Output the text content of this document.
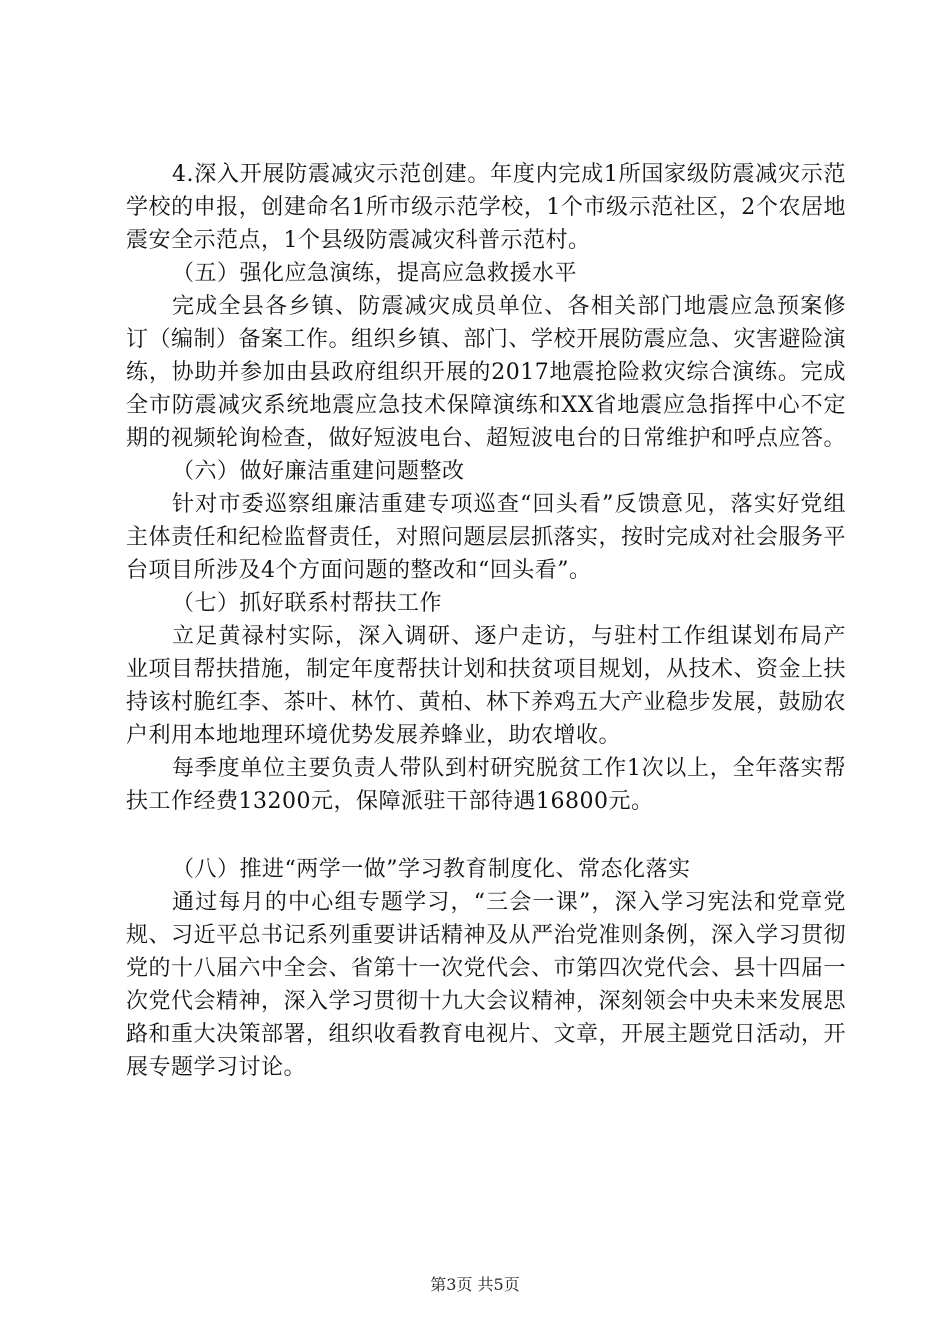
4.深入开展防震减灾示范创建。年度内完成1所国家级防震减灾示范学校的申报，创建命名1所市级示范学校，1个市级示范社区，2个农居地震安全示范点，1个县级防震减灾科普示范村。

（五）强化应急演练，提高应急救援水平

完成全县各乡镇、防震减灾成员单位、各相关部门地震应急预案修订（编制）备案工作。组织乡镇、部门、学校开展防震应急、灾害避险演练，协助并参加由县政府组织开展的2017地震抢险救灾综合演练。完成全市防震减灾系统地震应急技术保障演练和XX省地震应急指挥中心不定期的视频轮询检查，做好短波电台、超短波电台的日常维护和呼点应答。

（六）做好廉洁重建问题整改

针对市委巡察组廉洁重建专项巡查“回头看”反馈意见，落实好党组主体责任和纪检监督责任，对照问题层层抓落实，按时完成对社会服务平台项目所涉及4个方面问题的整改和“回头看”。

（七）抓好联系村帮扶工作

立足黄禄村实际，深入调研、逐户走访，与驻村工作组谋划布局产业项目帮扶措施，制定年度帮扶计划和扶贫项目规划，从技术、资金上扶持该村脆红李、茶叶、林竹、黄柏、林下养鸡五大产业稳步发展，鼓励农户利用本地地理环境优势发展养蜂业，助农增收。

每季度单位主要负责人带队到村研究脱贫工作1次以上，全年落实帮扶工作经费13200元，保障派驻干部待遇16800元。

（八）推进“两学一做”学习教育制度化、常态化落实

通过每月的中心组专题学习，“三会一课”，深入学习宪法和党章党规、习近平总书记系列重要讲话精神及从严治党准则条例，深入学习贯彻党的十八届六中全会、省第十一次党代会、市第四次党代会、县十四届一次党代会精神，深入学习贯彻十九大会议精神，深刻领会中央未来发展思路和重大决策部署，组织收看教育电视片、文章，开展主题党日活动，开展专题学习讨论。

第3页 共5页
